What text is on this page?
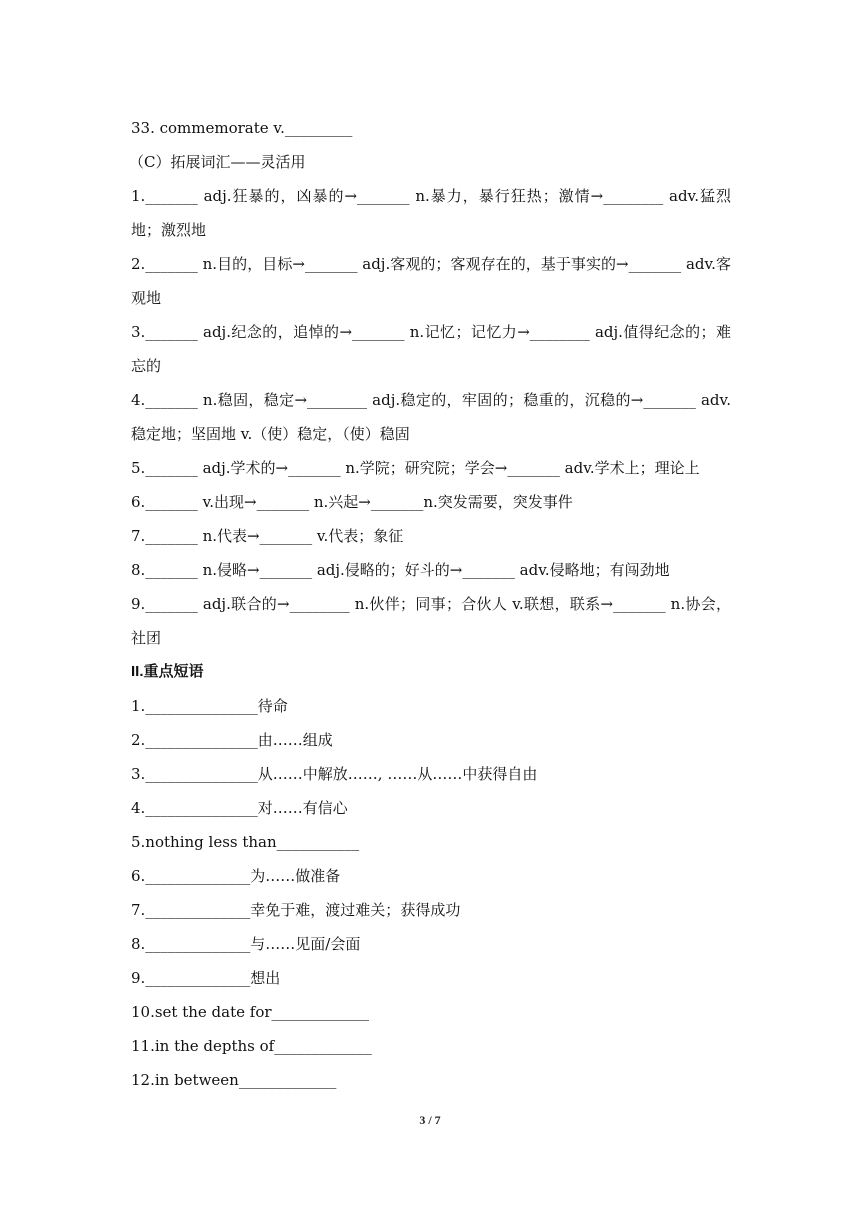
33. commemorate v._________
（C）拓展词汇——灵活用
1._______ adj.狂暴的，凶暴的→_______ n.暴力，暴行狂热；激情→________ adv.猛烈地；激烈地
2._______ n.目的，目标→_______ adj.客观的；客观存在的，基于事实的→_______ adv.客观地
3._______ adj.纪念的，追悼的→_______ n.记忆；记忆力→________ adj.值得纪念的；难忘的
4._______ n.稳固，稳定→________ adj.稳定的，牢固的；稳重的，沉稳的→_______ adv.稳定地；坚固地 v.（使）稳定，（使）稳固
5._______ adj.学术的→_______ n.学院；研究院；学会→_______ adv.学术上；理论上
6._______ v.出现→_______ n.兴起→_______n.突发需要，突发事件
7._______ n.代表→_______ v.代表；象征
8._______ n.侵略→_______ adj.侵略的；好斗的→_______ adv.侵略地；有闯劲地
9._______ adj.联合的→________ n.伙伴；同事；合伙人 v.联想，联系→_______ n.协会，社团
II.重点短语
1._______________待命
2._______________由……组成
3._______________从……中解放……, ……从……中获得自由
4._______________对……有信心
5.nothing less than___________
6.______________为……做准备
7.______________幸免于难，渡过难关；获得成功
8.______________与……见面/会面
9.______________想出
10.set the date for_____________
11.in the depths of_____________
12.in between_____________
3 / 7
